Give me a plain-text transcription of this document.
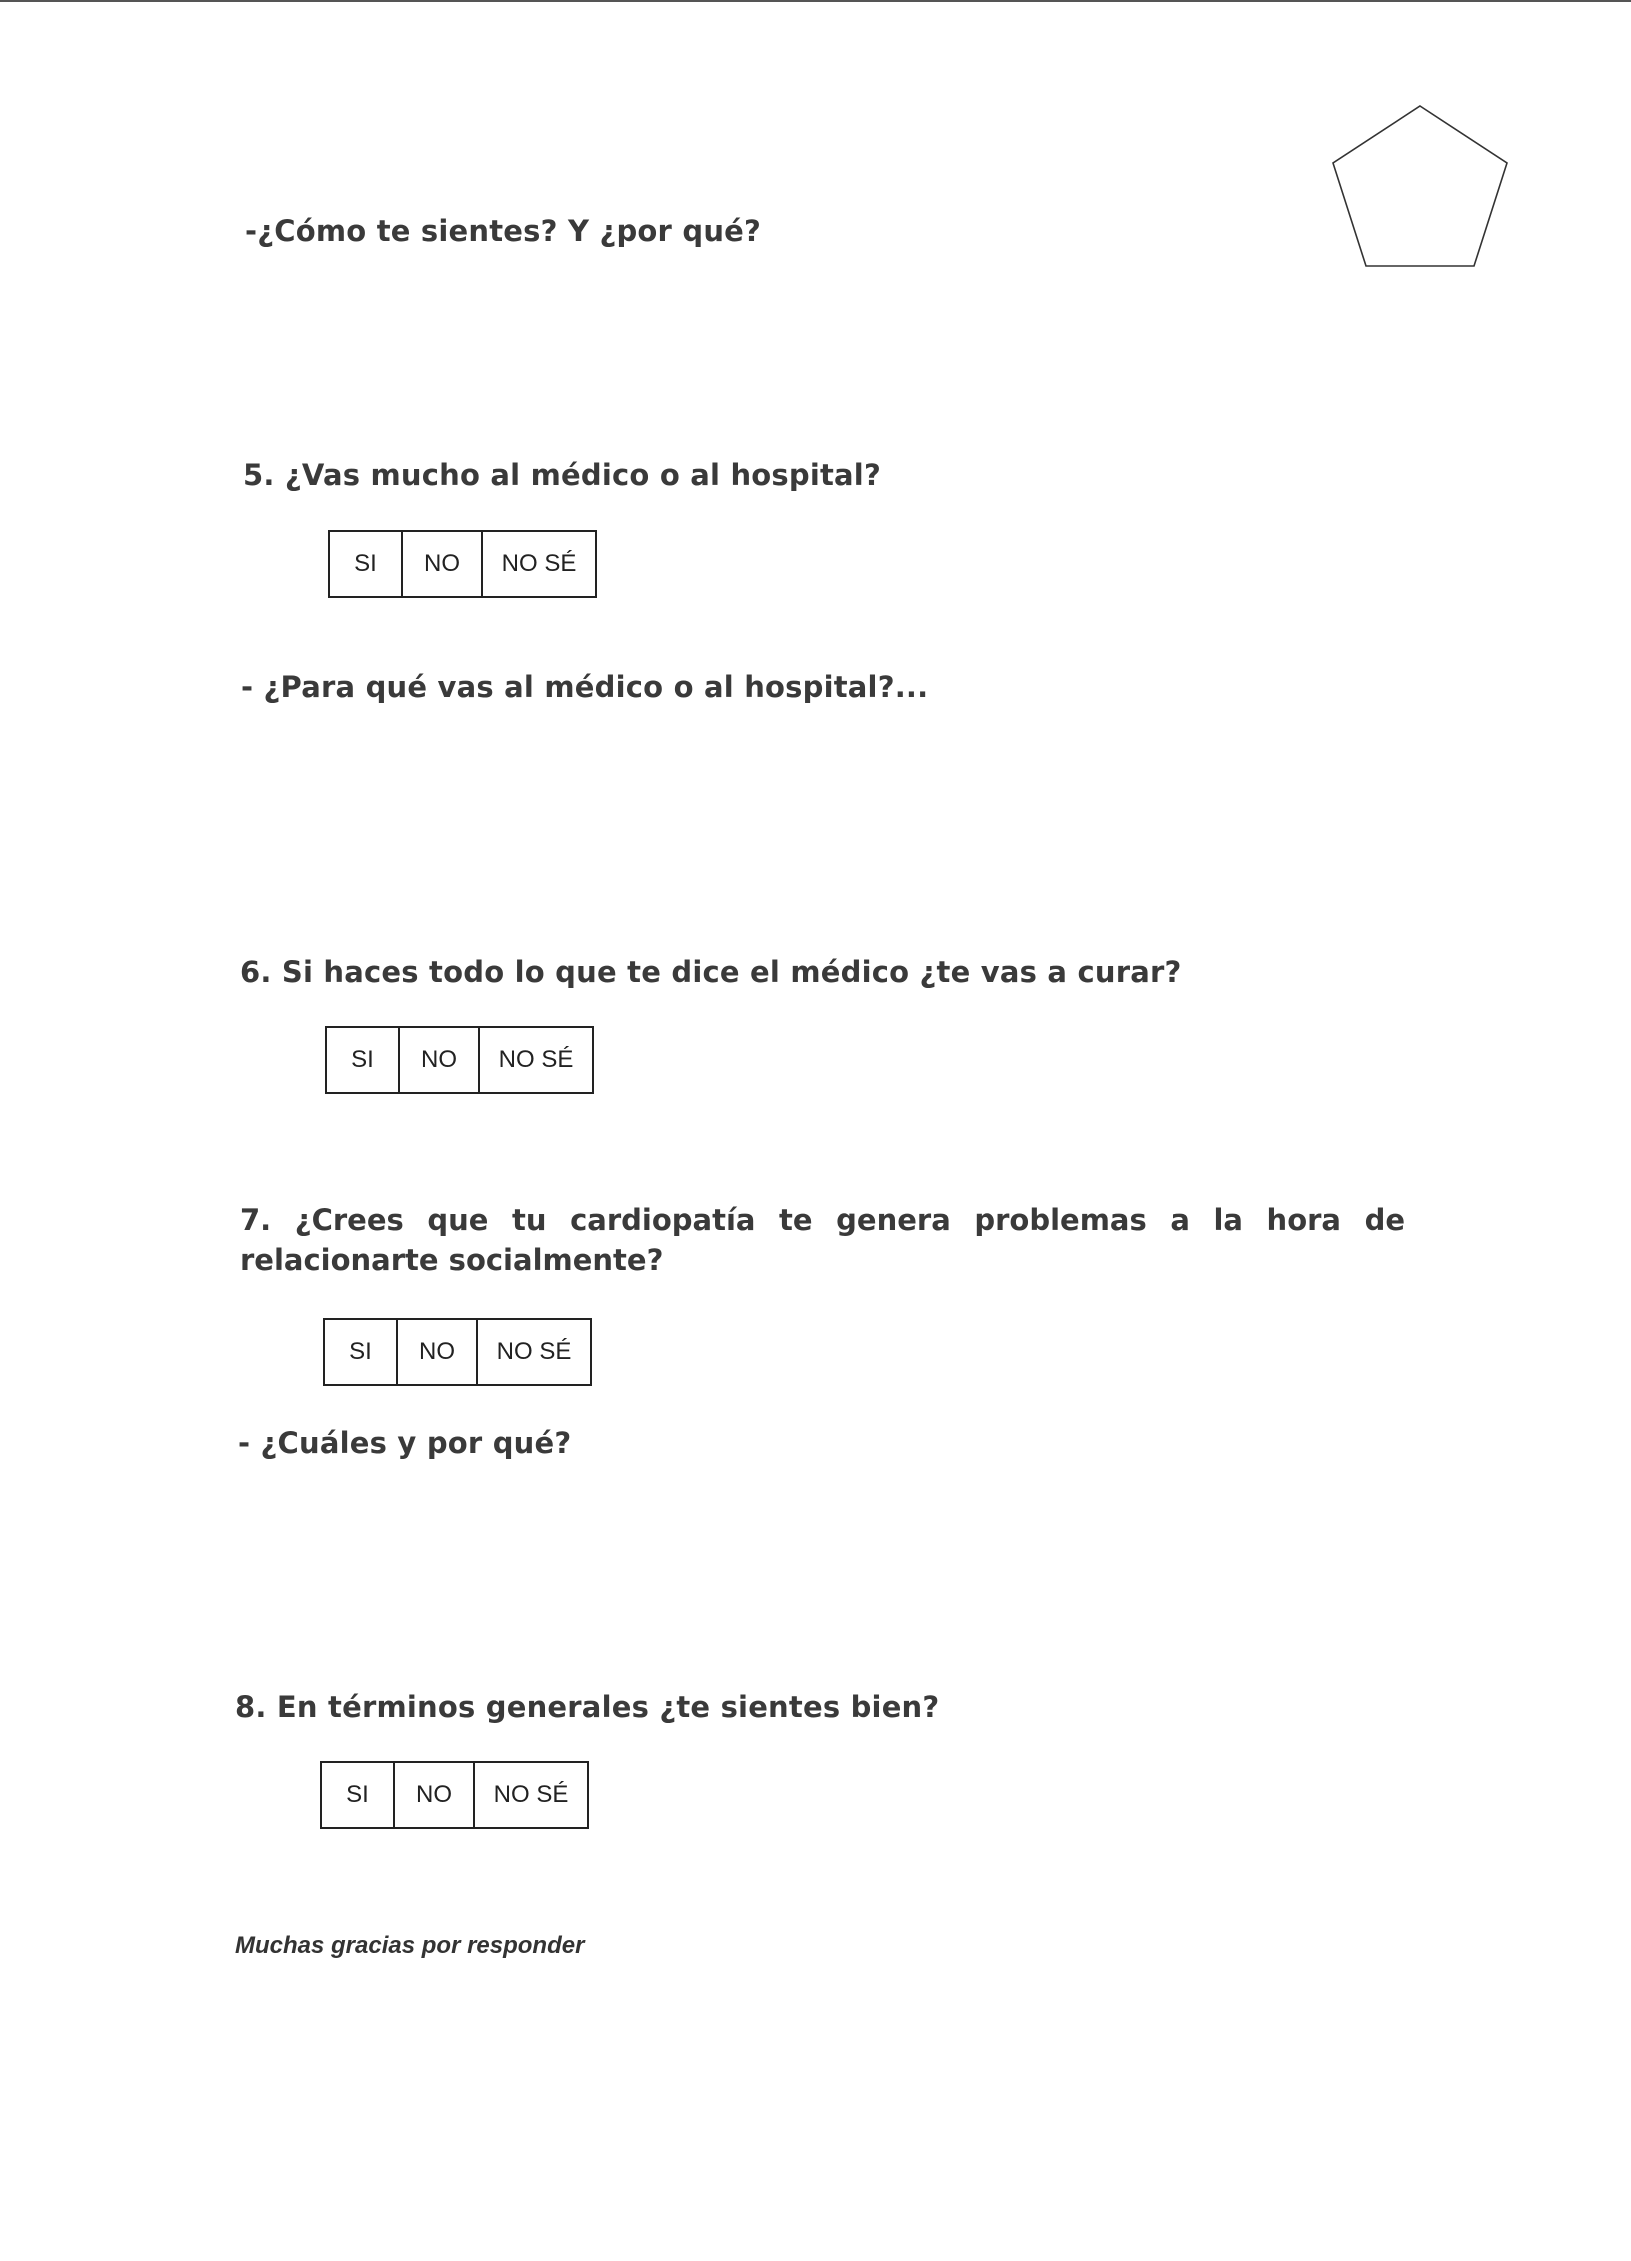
-¿Cómo te sientes? Y ¿por qué?

5. ¿Vas mucho al médico o al hospital?

SI	NO	NO SÉ

- ¿Para qué vas al médico o al hospital?...

6. Si haces todo lo que te dice el médico ¿te vas a curar?

SI	NO	NO SÉ

7. ¿Crees que tu cardiopatía te genera problemas a la hora de relacionarte socialmente?

SI	NO	NO SÉ

- ¿Cuáles y por qué?

8. En términos generales ¿te sientes bien?

SI	NO	NO SÉ

Muchas gracias por responder
